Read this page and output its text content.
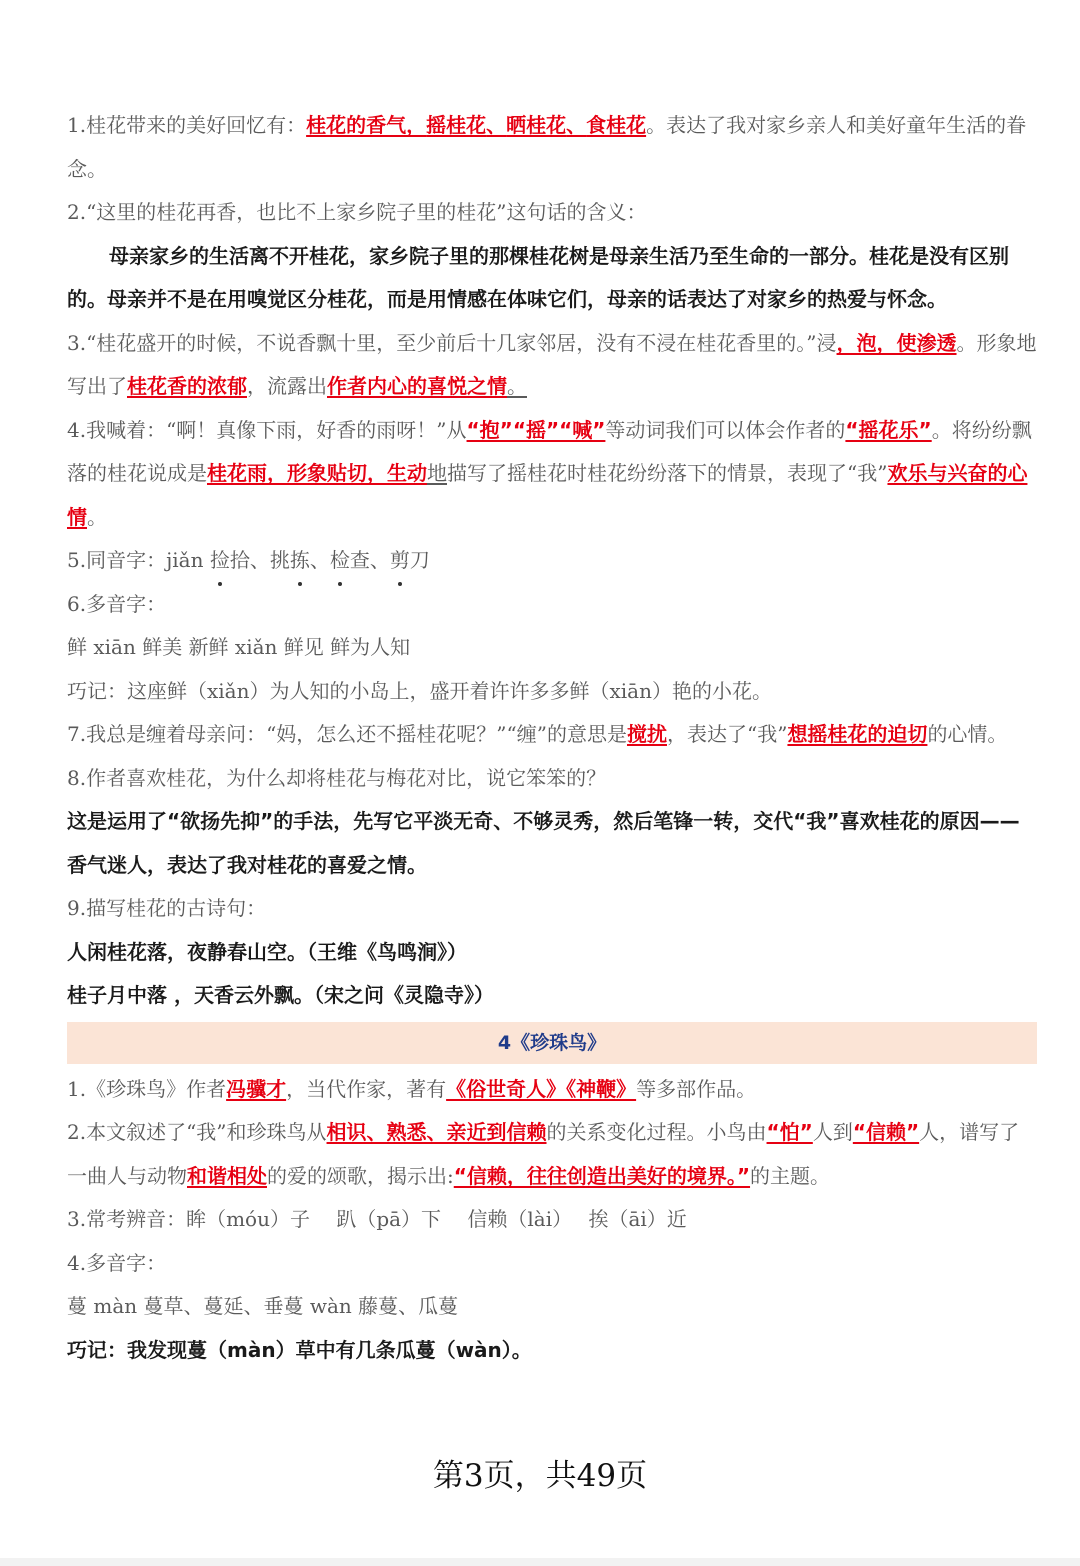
1.桂花带来的美好回忆有：桂花的香气，摇桂花、晒桂花、食桂花。表达了我对家乡亲人和美好童年生活的眷念。

2.“这里的桂花再香，也比不上家乡院子里的桂花”这句话的含义：

母亲家乡的生活离不开桂花，家乡院子里的那棵桂花树是母亲生活乃至生命的一部分。桂花是没有区别的。母亲并不是在用嗅觉区分桂花，而是用情感在体味它们，母亲的话表达了对家乡的热爱与怀念。

3.“桂花盛开的时候，不说香飘十里，至少前后十几家邻居，没有不浸在桂花香里的。”浸，泡，使渗透。形象地写出了桂花香的浓郁，流露出作者内心的喜悦之情。

4.我喊着：“啊！真像下雨，好香的雨呀！”从“抱”“摇”“喊”等动词我们可以体会作者的“摇花乐”。将纷纷飘落的桂花说成是桂花雨，形象贴切，生动地描写了摇桂花时桂花纷纷落下的情景，表现了“我”欢乐与兴奋的心情。

5.同音字：jiǎn 捡拾、挑拣、检查、剪刀

6.多音字：

鲜 xiān 鲜美 新鲜 xiǎn 鲜见 鲜为人知

巧记：这座鲜（xiǎn）为人知的小岛上，盛开着许许多多鲜（xiān）艳的小花。

7.我总是缠着母亲问：“妈，怎么还不摇桂花呢？”“缠”的意思是搅扰，表达了“我”想摇桂花的迫切的心情。

8.作者喜欢桂花，为什么却将桂花与梅花对比，说它笨笨的？

这是运用了“欲扬先抑”的手法，先写它平淡无奇、不够灵秀，然后笔锋一转，交代“我”喜欢桂花的原因——香气迷人，表达了我对桂花的喜爱之情。

9.描写桂花的古诗句：

人闲桂花落，夜静春山空。（王维《鸟鸣涧》）

桂子月中落 ，天香云外飘。（宋之问《灵隐寺》）

4《珍珠鸟》

1.《珍珠鸟》作者冯骥才，当代作家，著有《俗世奇人》《神鞭》等多部作品。

2.本文叙述了“我”和珍珠鸟从相识、熟悉、亲近到信赖的关系变化过程。小鸟由“怕”人到“信赖”人，谱写了一曲人与动物和谐相处的爱的颂歌，揭示出:“信赖，往往创造出美好的境界。”的主题。

3.常考辨音：眸（móu）子　 趴（pā）下　 信赖（lài）　 挨（āi）近

4.多音字：

蔓 màn 蔓草、蔓延、垂蔓 wàn 藤蔓、瓜蔓

巧记：我发现蔓（màn）草中有几条瓜蔓（wàn）。

第3页，共49页
